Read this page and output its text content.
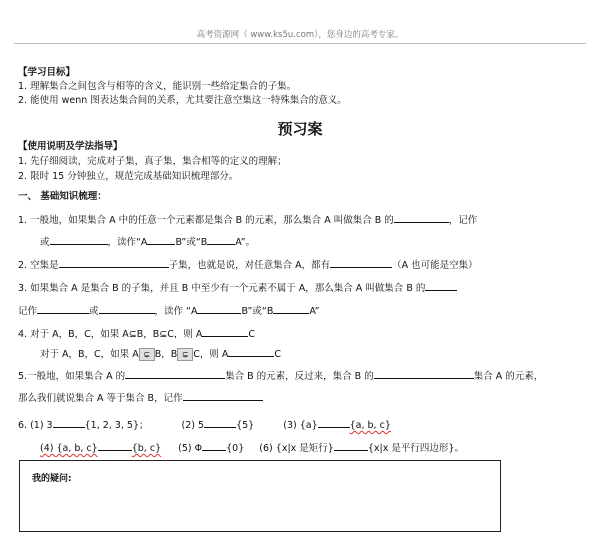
高考资源网（ www.ks5u.com），您身边的高考专家。
【学习目标】
1. 理解集合之间包含与相等的含义，能识别一些给定集合的子集。
2. 能使用 wenn 图表达集合间的关系，尤其要注意空集这一特殊集合的意义。
预习案
【使用说明及学法指导】
1. 先仔细阅读，完成对子集，真子集，集合相等的定义的理解；
2. 限时 15 分钟独立，规范完成基础知识梳理部分。
一、 基础知识梳理：
1. 一般地，如果集合 A 中的任意一个元素都是集合 B 的元素，那么集合 A 叫做集合 B 的	，记作
或	，读作“A	B”或“B	A”。
2. 空集是	子集，也就是说，对任意集合 A，都有	（A 也可能是空集）
3. 如果集合 A 是集合 B 的子集，并且 B 中至少有一个元素不属于 A，那么集合 A 叫做集合 B 的
记作	或	，读作 “A	B”或“B	A”
4. 对于 A，B，C，如果 A⊆B，B⊆C，则 A	C
对于 A，B，C，如果 A ⊊ B，B ⊊ C，则 A	C
5.一般地，如果集合 A 的	集合 B 的元素，反过来，集合 B 的	集合 A 的元素，
那么我们就说集合 A 等于集合 B，记作
6. (1) 3	{1, 2, 3, 5}；	(2) 5	{5}	(3) {a}	{a, b, c}
(4) {a, b, c}	{b, c} (5) Φ	{0} (6) {x|x 是矩行}	{x|x 是平行四边形}。
我的疑问:
